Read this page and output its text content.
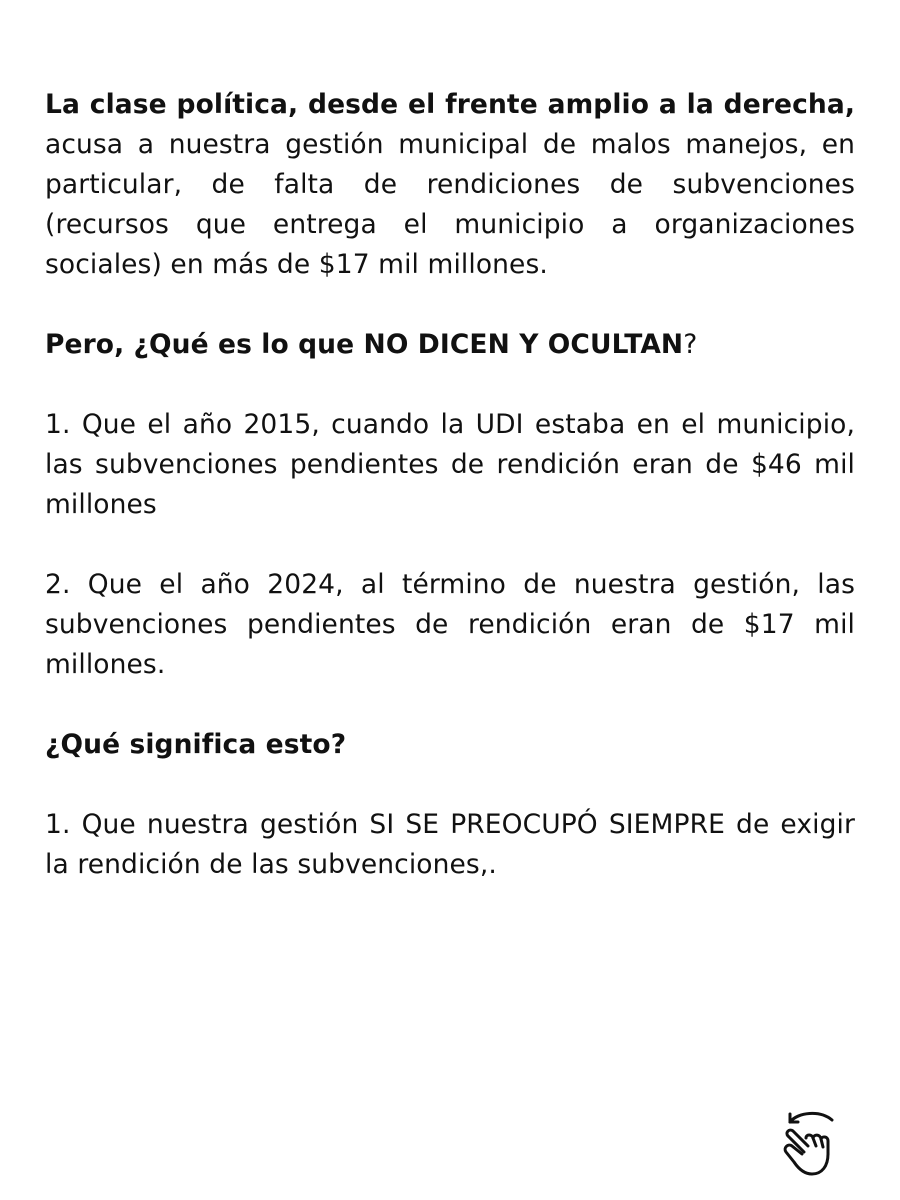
La clase política, desde el frente amplio a la derecha, acusa a nuestra gestión municipal de malos manejos, en particular, de falta de rendiciones de subvenciones (recursos que entrega el municipio a organizaciones sociales) en más de $17 mil millones.

Pero, ¿Qué es lo que NO DICEN Y OCULTAN?

1. Que el año 2015, cuando la UDI estaba en el municipio, las subvenciones pendientes de rendición eran de $46 mil millones

2. Que el año 2024, al término de nuestra gestión, las subvenciones pendientes de rendición eran de $17 mil millones.

¿Qué significa esto?

1. Que nuestra gestión SI SE PREOCUPÓ SIEMPRE de exigir la rendición de las subvenciones,.
